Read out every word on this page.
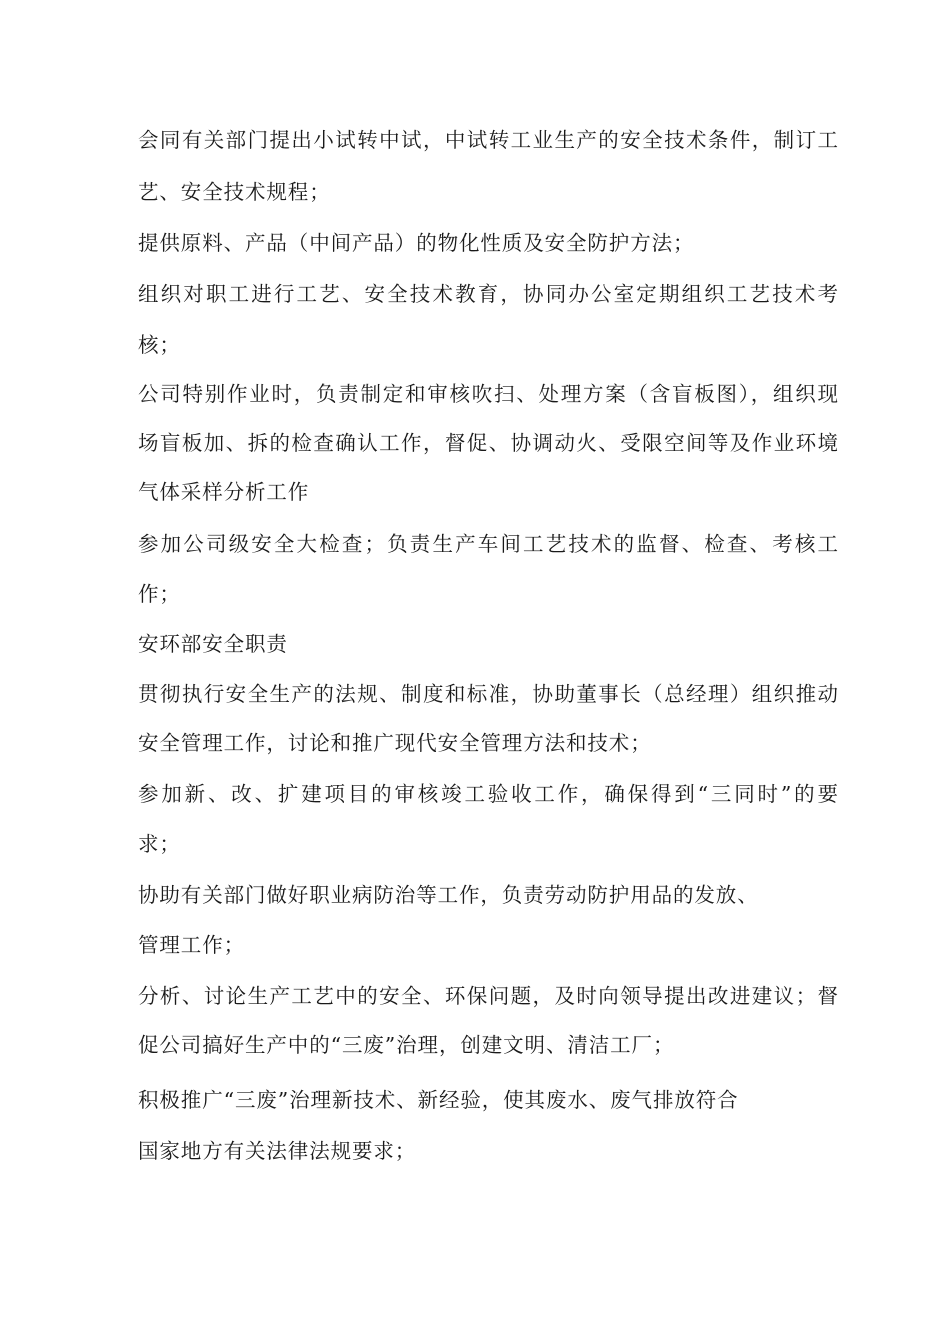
会同有关部门提出小试转中试，中试转工业生产的安全技术条件，制订工

艺、安全技术规程；

提供原料、产品（中间产品）的物化性质及安全防护方法；

组织对职工进行工艺、安全技术教育，协同办公室定期组织工艺技术考

核；

公司特别作业时，负责制定和审核吹扫、处理方案（含盲板图），组织现

场盲板加、拆的检查确认工作，督促、协调动火、受限空间等及作业环境

气体采样分析工作

参加公司级安全大检查；负责生产车间工艺技术的监督、检查、考核工

作；

安环部安全职责

贯彻执行安全生产的法规、制度和标准，协助董事长（总经理）组织推动

安全管理工作，讨论和推广现代安全管理方法和技术；

参加新、改、扩建项目的审核竣工验收工作，确保得到“三同时”的要

求；

协助有关部门做好职业病防治等工作，负责劳动防护用品的发放、

管理工作；

分析、讨论生产工艺中的安全、环保问题，及时向领导提出改进建议；督

促公司搞好生产中的“三废”治理，创建文明、清洁工厂；

积极推广“三废”治理新技术、新经验，使其废水、废气排放符合

国家地方有关法律法规要求；
